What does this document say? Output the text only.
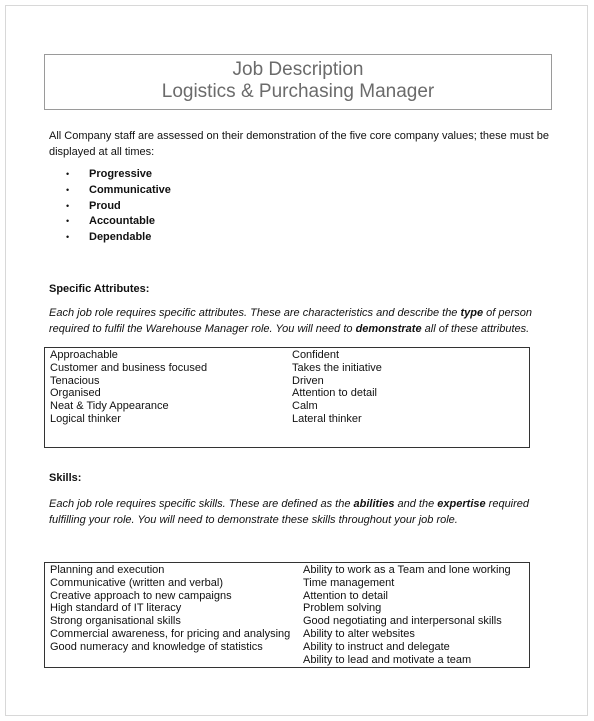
Job Description

Logistics & Purchasing Manager

All Company staff are assessed on their demonstration of the five core company values; these must be displayed at all times:

• Progressive
• Communicative
• Proud
• Accountable
• Dependable

Specific Attributes:

Each job role requires specific attributes. These are characteristics and describe the type of person required to fulfil the Warehouse Manager role. You will need to demonstrate all of these attributes.

Approachable
Customer and business focused
Tenacious
Organised
Neat & Tidy Appearance
Logical thinker
Confident
Takes the initiative
Driven
Attention to detail
Calm
Lateral thinker

Skills:

Each job role requires specific skills. These are defined as the abilities and the expertise required fulfilling your role. You will need to demonstrate these skills throughout your job role.

Planning and execution
Communicative (written and verbal)
Creative approach to new campaigns
High standard of IT literacy
Strong organisational skills
Commercial awareness, for pricing and analysing
Good numeracy and knowledge of statistics
Ability to work as a Team and lone working
Time management
Attention to detail
Problem solving
Good negotiating and interpersonal skills
Ability to alter websites
Ability to instruct and delegate
Ability to lead and motivate a team
